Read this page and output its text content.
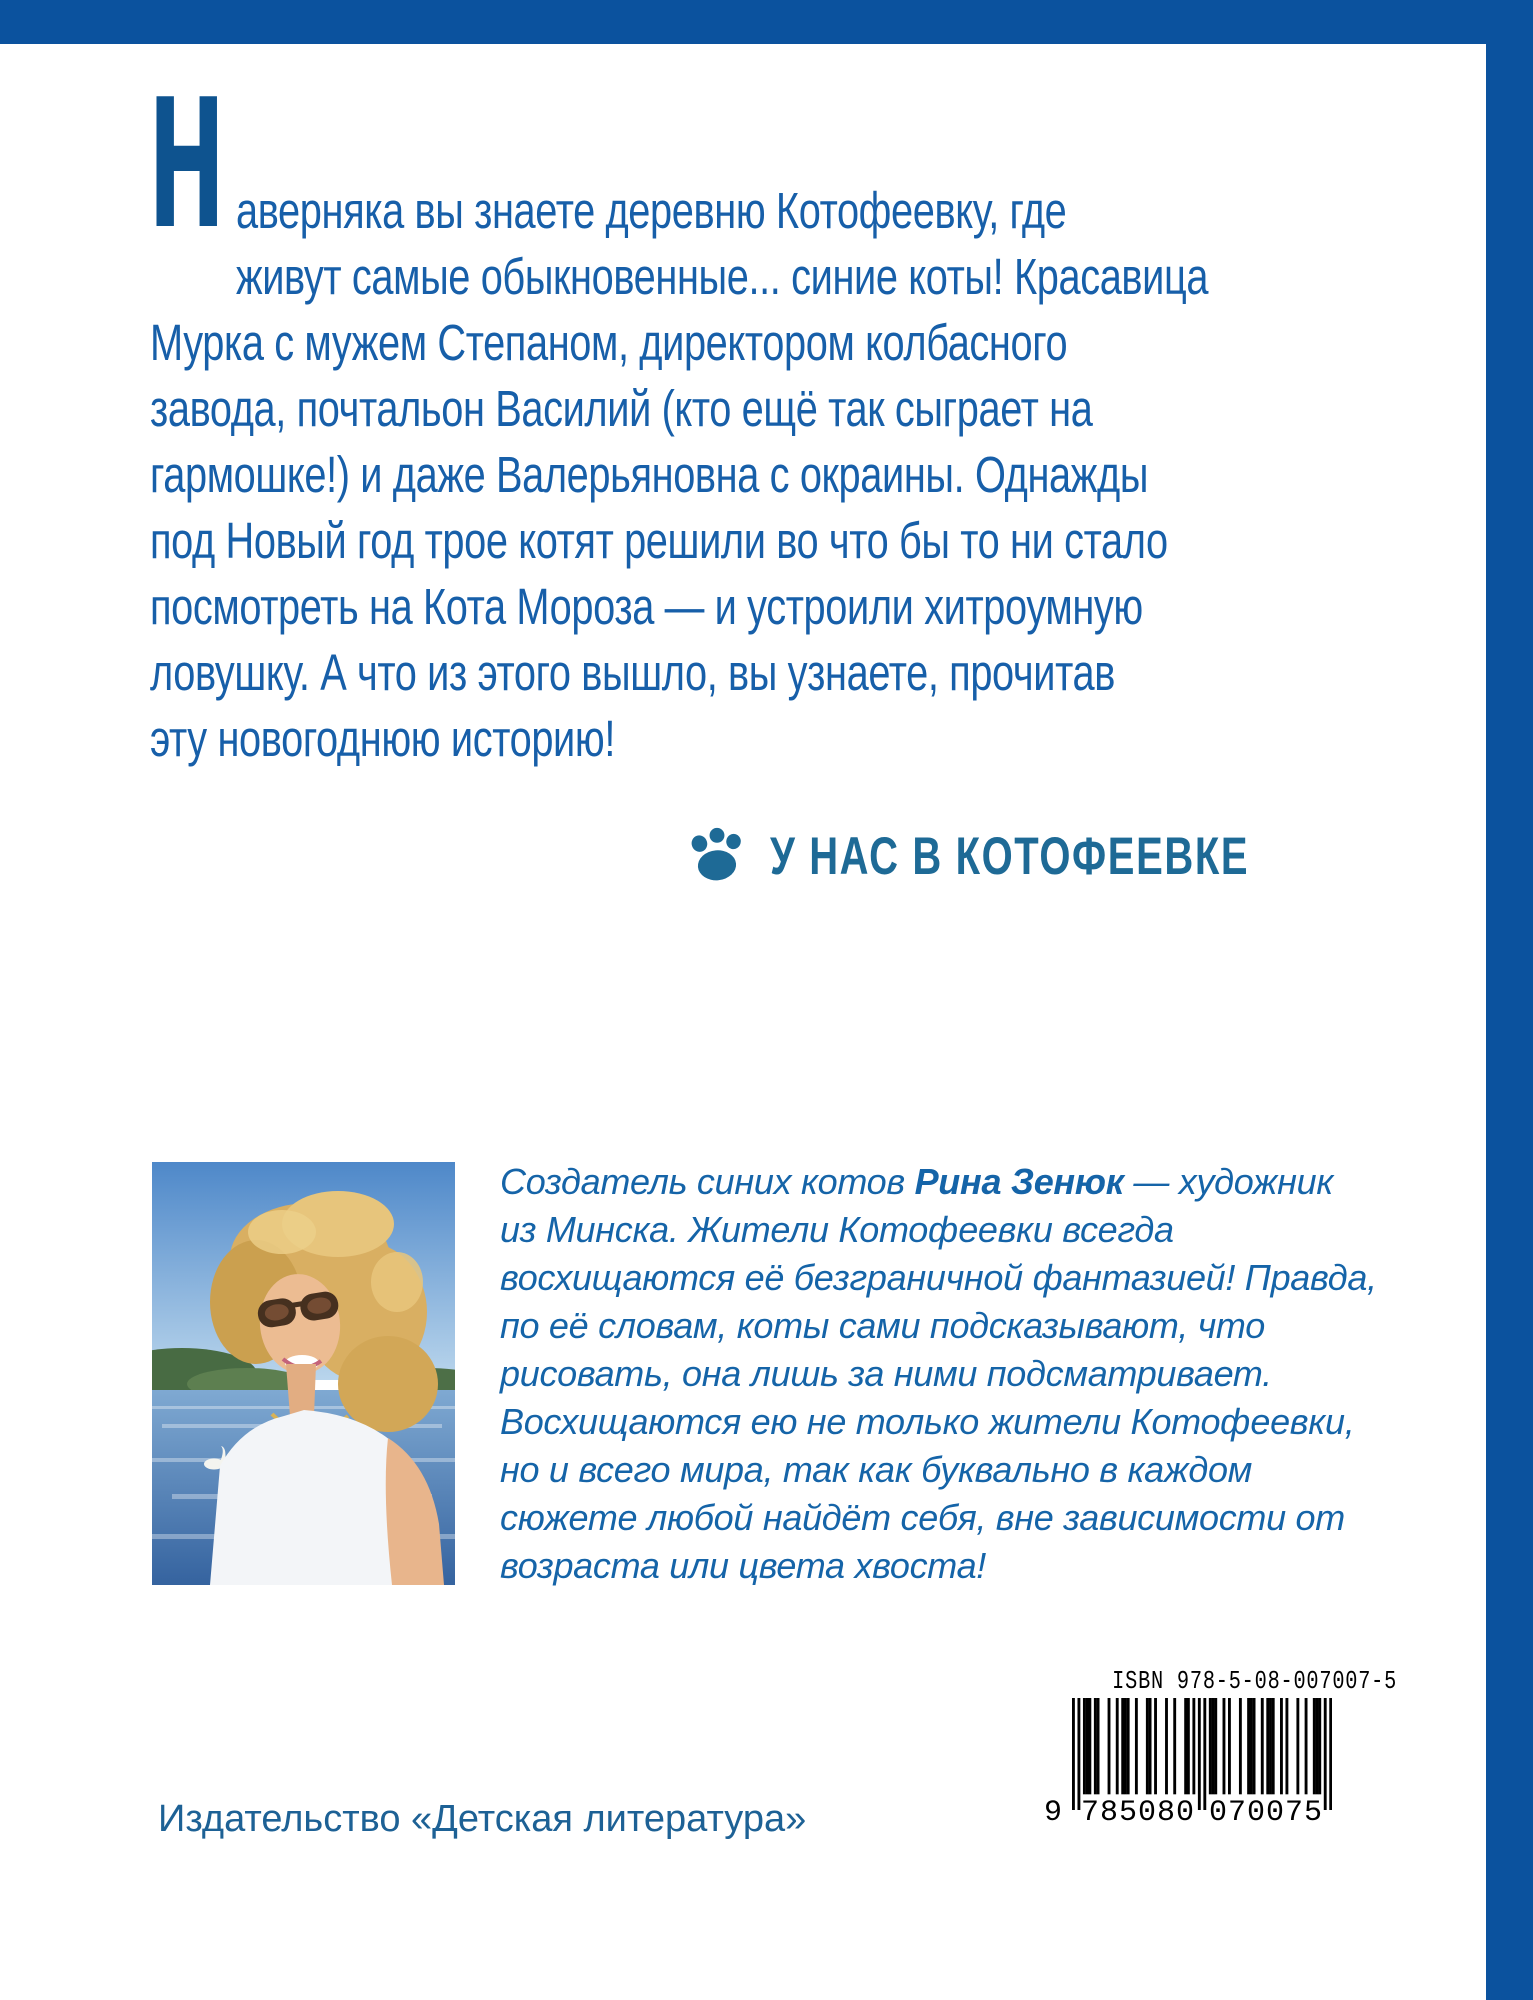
Н аверняка вы знаете деревню Котофеевку, где
живут самые обыкновенные... синие коты! Красавица
Мурка с мужем Степаном, директором колбасного
завода, почтальон Василий (кто ещё так сыграет на
гармошке!) и даже Валерьяновна с окраины. Однажды
под Новый год трое котят решили во что бы то ни стало
посмотреть на Кота Мороза — и устроили хитроумную
ловушку. А что из этого вышло, вы узнаете, прочитав
эту новогоднюю историю!
У НАС В КОТОФЕЕВКЕ
Создатель синих котов Рина Зенюк — художник
из Минска. Жители Котофеевки всегда
восхищаются её безграничной фантазией! Правда,
по её словам, коты сами подсказывают, что
рисовать, она лишь за ними подсматривает.
Восхищаются ею не только жители Котофеевки,
но и всего мира, так как буквально в каждом
сюжете любой найдёт себя, вне зависимости от
возраста или цвета хвоста!
ISBN 978-5-08-007007-5
9 785080 070075
Издательство «Детская литература»
